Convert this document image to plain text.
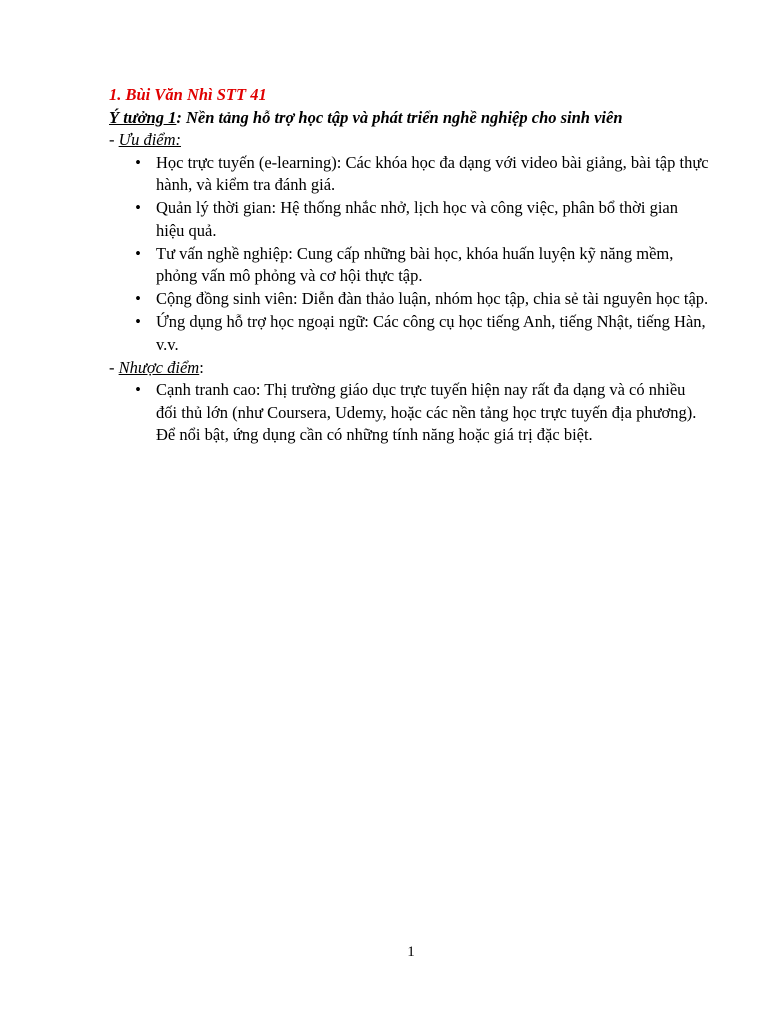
1. Bùi Văn Nhì STT 41

Ý tưởng 1: Nền tảng hỗ trợ học tập và phát triển nghề nghiệp cho sinh viên

- Ưu điểm:

• Học trực tuyến (e-learning): Các khóa học đa dạng với video bài giảng, bài tập thực hành, và kiểm tra đánh giá.
• Quản lý thời gian: Hệ thống nhắc nhở, lịch học và công việc, phân bổ thời gian hiệu quả.
• Tư vấn nghề nghiệp: Cung cấp những bài học, khóa huấn luyện kỹ năng mềm, phỏng vấn mô phỏng và cơ hội thực tập.
• Cộng đồng sinh viên: Diễn đàn thảo luận, nhóm học tập, chia sẻ tài nguyên học tập.
• Ứng dụng hỗ trợ học ngoại ngữ: Các công cụ học tiếng Anh, tiếng Nhật, tiếng Hàn, v.v.

- Nhược điểm:

• Cạnh tranh cao: Thị trường giáo dục trực tuyến hiện nay rất đa dạng và có nhiều đối thủ lớn (như Coursera, Udemy, hoặc các nền tảng học trực tuyến địa phương). Để nổi bật, ứng dụng cần có những tính năng hoặc giá trị đặc biệt.
1
